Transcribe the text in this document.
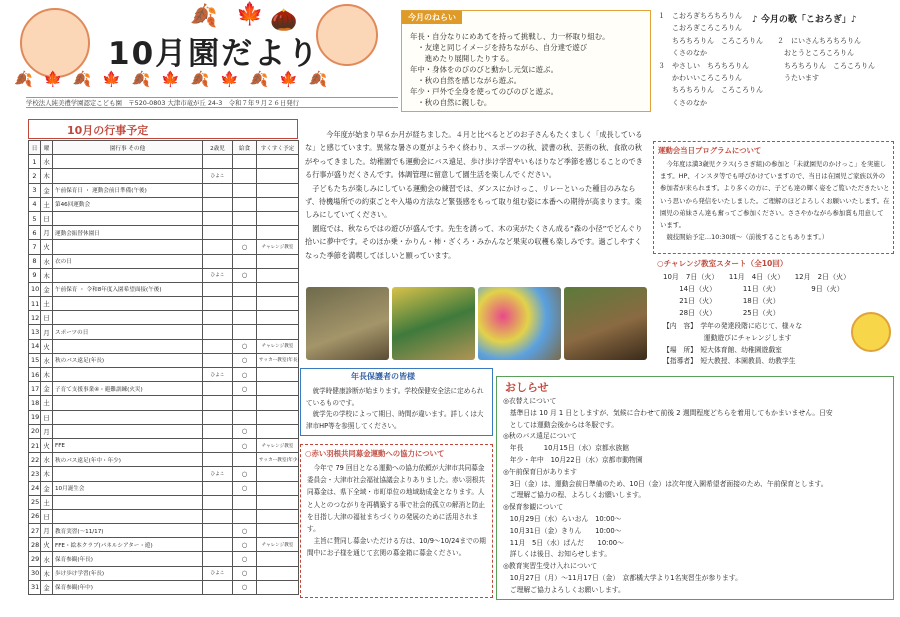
🍂 🌰
🍁
10月園だより
🍂 🍁 🍂 🍁 🍂 🍁 🍂 🍁 🍂 🍁 🍂
学校法人純美禮学園認定こども園　〒520-0803 大津市竜が丘 24-3　令和７年９月２６日発行
今月のねらい
年長・自分なりにめあてを持って挑戦し、力一杯取り組む。
　・友達と同じイメージを持ちながら、自分達で遊び
　　進めたり展開したりする。
年中・身体をのびのびと動かし元気に遊ぶ。
　・秋の自然を感じながら遊ぶ。
年少・戸外で全身を使ってのびのびと遊ぶ。
　・秋の自然に親しむ。
♪ 今月の歌「こおろぎ」♪
１　こおろぎちろちろりん
　　こおろぎころころりん
　　ちろちろりん　ころころりん　　２　にいさんちろちろりん
　　くさのなか　　　　　　　　　　　おとうところころりん
３　やさしい　ちろちろりん　　　　　ちろちろりん　ころころりん
　　かわいいころころりん　　　　　　うたいます
　　ちろちろりん　ころころりん
　　くさのなか
10月の行事予定
日	曜	園行事 その他	2歳児	給食	すくすく予定
1	水				
2	木		ひよこ		
3	金	午前保育日 ・ 運動会前日準備(午後)			
4	土	第46回運動会			
5	日				
6	月	運動会振替休園日			
7	火			○	チャレンジ教室
8	水	衣の日			
9	木		ひよこ	○	
10	金	午前保育 ・ 令和8年度入園希望面接(午後)			
11	土				
12	日				
13	月	スポーツの日			
14	火			○	チャレンジ教室
15	水	秋のバス遠足(年長)		○	サッカー教室(年長)
16	木		ひよこ	○	
17	金	子育て支援事業④・避難訓練(火災)		○	
18	土				
19	日				
20	月			○	
21	火	FFE		○	チャレンジ教室
22	水	秋のバス遠足(年中・年少)			サッカー教室(年少)
23	木		ひよこ	○	
24	金	10月誕生会		○	
25	土				
26	日				
27	月	教育実習(～11/17)		○	
28	火	FFE・絵本クラブ(パネルシアター・遊)		○	チャレンジ教室
29	水	保育参観(年長)		○	
30	木	歩け歩け学習(年長)	ひよこ	○	
31	金	保育参観(年中)		○	
　今年度が始まり早６か月が経ちました。４月と比べるとどのお子さんもたくましく「成長しているな」と感じています。異常な暑さの夏がようやく終わり、スポーツの秋、読書の秋、芸術の秋、食欲の秋がやってきました。幼稚園でも運動会にバス遠足、歩け歩け学習やいもほりなど季節を感じることのできる行事が盛りだくさんです。体調管理に留意して園生活を楽しんでください。
　子どもたちが楽しみにしている運動会の練習では、ダンスにかけっこ、リレーといった種目のみならず、待機場所での約束ごとや入場の方法など緊張感をもって取り組む姿に本番への期待が高まります。楽しみにしていてください。
　園庭では、秋ならではの遊びが盛んです。先生を誘って、木の実がたくさん成る“森の小径”でどんぐり拾いに夢中です。そのほか乗・かりん・柿・ざくろ・みかんなど果実の収穫も楽しみです。過ごしやすくなった季節を満喫してほしいと願っています。
年長保護者の皆様
　就学時健康診断が始まります。学校保健安全法に定められているものです。
　就学先の学校によって期日、時間が違います。詳しくは大津市HP等を参照してください。
○赤い羽根共同募金運動への協力について
　今年で 79 回目となる運動への協力依頼が大津市共同募金委員会・大津市社会福祉協議会よりありました。赤い羽根共同募金は、県下全域・市町単位の地域助成金となります。人と人とのつながりを再構築する事で社会的孤立の解消と防止を目指し大津の福祉まちづくりの発展のために活用されます。
　主旨に賛同し募金いただける方は、10/9～10/24までの期間中にお子様を通じて玄関の募金箱に募金ください。
運動会当日プログラムについて
　今年度は満3歳児クラス(うさぎ組)の参加と「未就園児のかけっこ」を実施します。HP、インスタ等でも呼びかけていますので、当日は在園児ご家族以外の参加者が来られます。より多くの方に、子ども達の輝く姿をご覧いただきたいという思いから発信をいたしました。ご理解のほどよろしくお願いいたします。在園児の弟妹さん達も奮ってご参加ください。ささやかながら参加賞も用意しています。
　競技開始予定…10:30頃～（前後することもあります。）
○チャレンジ教室スタート（全10回）
10月　7日（火）　　11月　4日（火）　　12月　2日（火）
　　 14日（火）　　　　 11日（火）　　　　　9日（火）
　　 21日（火）　　　　 18日（火）
　　 28日（火）　　　　 25日（火）
【内　容】　学年の発達段階に応じて、様々な
　　　　　　運動遊びにチャレンジします
【場　所】　短大体育館、幼稚園遊戯室
【指導者】　短大教授、本園教員、幼教学生
おしらせ
◎衣替えについて
　基準日は 10 月 1 日としますが、気候に合わせて前後 2 週間程度どちらを着用してもかまいません。日安
　としては運動会後からは冬服です。
◎秋のバス遠足について
　年長　　　10月15日（水）京都水族館
　年少・年中　10月22日（水）京都市動物園
◎午前保育日があります
　3日（金）は、運動会前日準備のため、10日（金）は次年度入園希望者面接のため、午前保育とします。
　ご理解ご協力の程、よろしくお願いします。
◎保育参観について
　10月29日（水）らいおん　10:00～
　10月31日（金）きりん　　10:00～
　11月　5日（水）ぱんだ　　10:00～
　詳しくは後日、お知らせします。
◎教育実習生受け入れについて
　10月27日（月）～11月17日（金）　京都橘大学より1名実習生が参ります。
　ご理解ご協力よろしくお願いします。
